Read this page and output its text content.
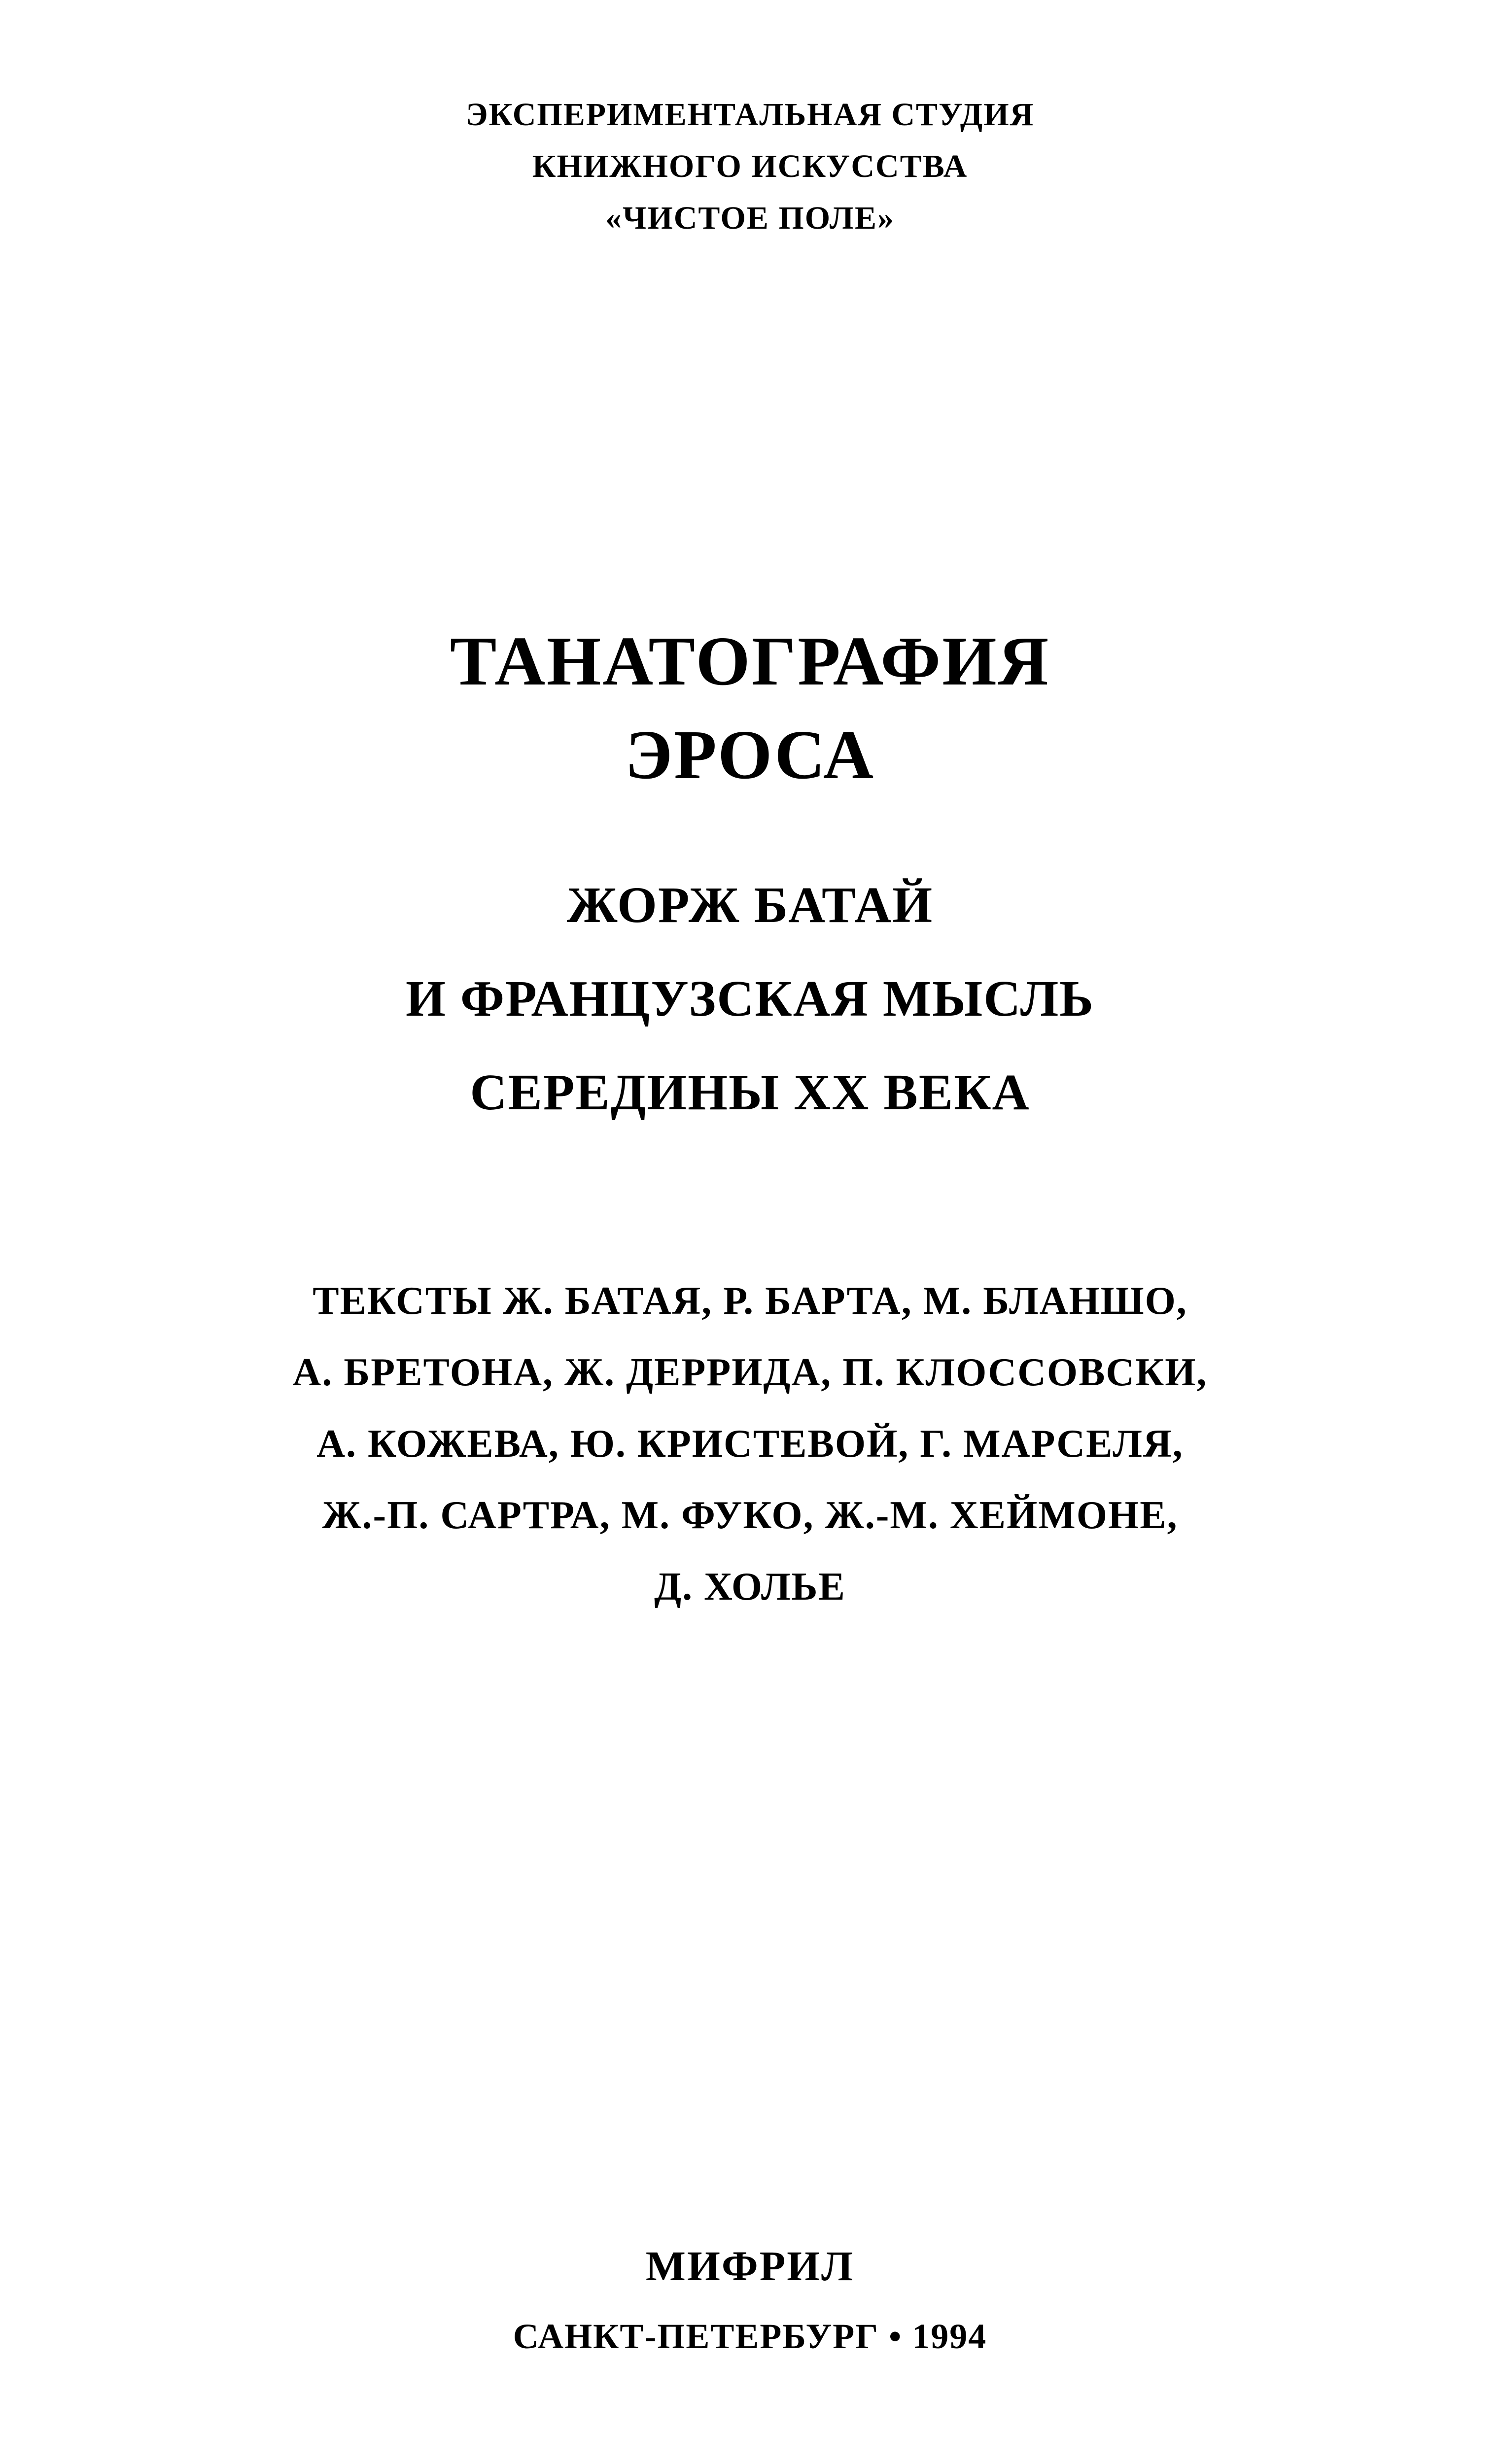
ЭКСПЕРИМЕНТАЛЬНАЯ СТУДИЯ
КНИЖНОГО ИСКУССТВА
«ЧИСТОЕ ПОЛЕ»
ТАНАТОГРАФИЯ
ЭРОСА
ЖОРЖ БАТАЙ
И ФРАНЦУЗСКАЯ МЫСЛЬ
СЕРЕДИНЫ XX ВЕКА
ТЕКСТЫ Ж. БАТАЯ, Р. БАРТА, М. БЛАНШО,
А. БРЕТОНА, Ж. ДЕРРИДА, П. КЛОССОВСКИ,
А. КОЖЕВА, Ю. КРИСТЕВОЙ, Г. МАРСЕЛЯ,
Ж.-П. САРТРА, М. ФУКО, Ж.-М. ХЕЙМОНЕ,
Д. ХОЛЬЕ
МИФРИЛ
САНКТ-ПЕТЕРБУРГ • 1994
